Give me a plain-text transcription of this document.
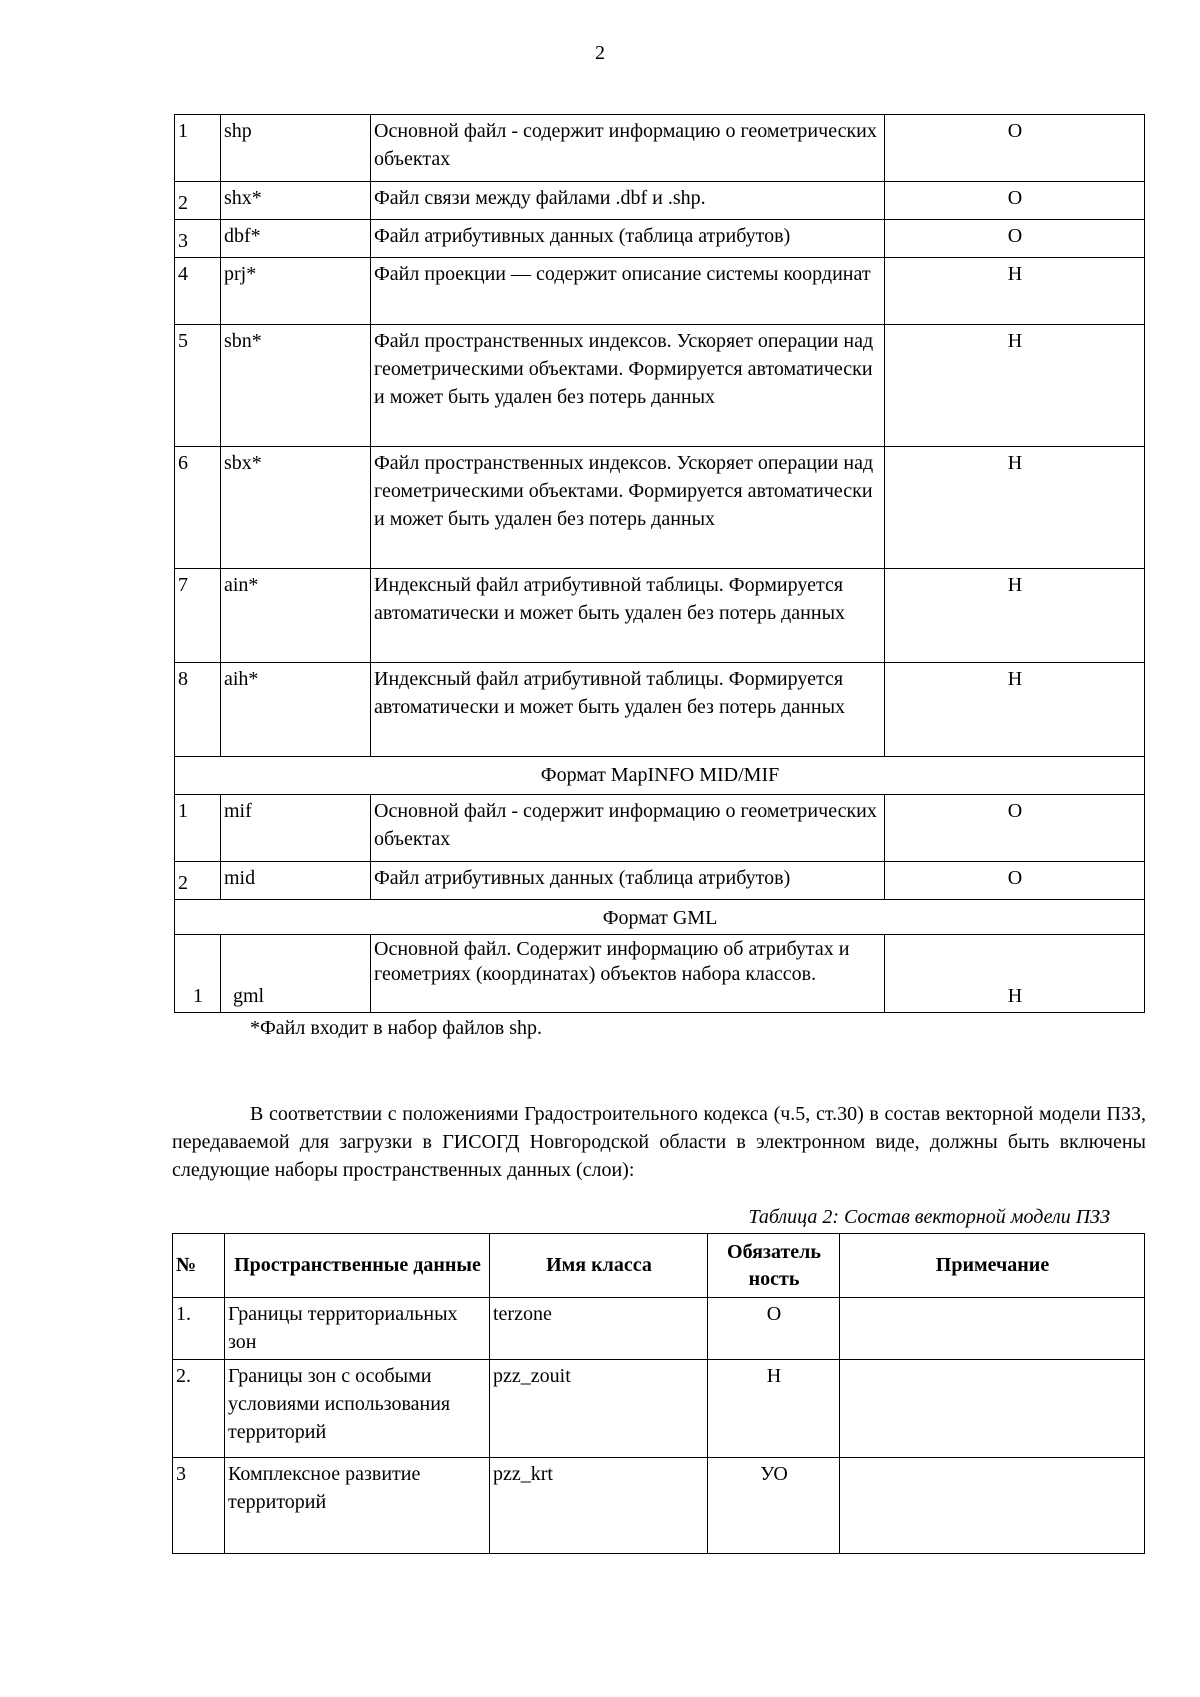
2
1	shp	Основной файл - содержит информацию о геометрических объектах	О
2	shx*	Файл связи между файлами .dbf и .shp.	О
3	dbf*	Файл атрибутивных данных (таблица атрибутов)	О
4	prj*	Файл проекции — содержит описание системы координат	Н
5	sbn*	Файл пространственных индексов. Ускоряет операции над геометрическими объектами. Формируется автоматически и может быть удален без потерь данных	Н
6	sbx*	Файл пространственных индексов. Ускоряет операции над геометрическими объектами. Формируется автоматически и может быть удален без потерь данных	Н
7	ain*	Индексный файл атрибутивной таблицы. Формируется автоматически и может быть удален без потерь данных	Н
8	aih*	Индексный файл атрибутивной таблицы. Формируется автоматически и может быть удален без потерь данных	Н
Формат MapINFO MID/MIF			
1	mif	Основной файл - содержит информацию о геометрических объектах	О
2	mid	Файл атрибутивных данных (таблица атрибутов)	О
Формат GML			
1	gml	Основной файл. Содержит информацию об атрибутах и геометриях (координатах) объектов набора классов.	Н
*Файл входит в набор файлов shp.

В соответствии с положениями Градостроительного кодекса (ч.5, ст.30) в состав векторной модели ПЗЗ, передаваемой для загрузки в ГИСОГД Новгородской области в электронном виде, должны быть включены следующие наборы пространственных данных (слои):

Таблица 2: Состав векторной модели ПЗЗ
№	Пространственные данные	Имя класса	Обязатель ность	Примечание
1.	Границы территориальных зон	terzone	О	
2.	Границы зон с особыми условиями использования территорий	pzz_zouit	Н	
3	Комплексное развитие территорий	pzz_krt	УО	
